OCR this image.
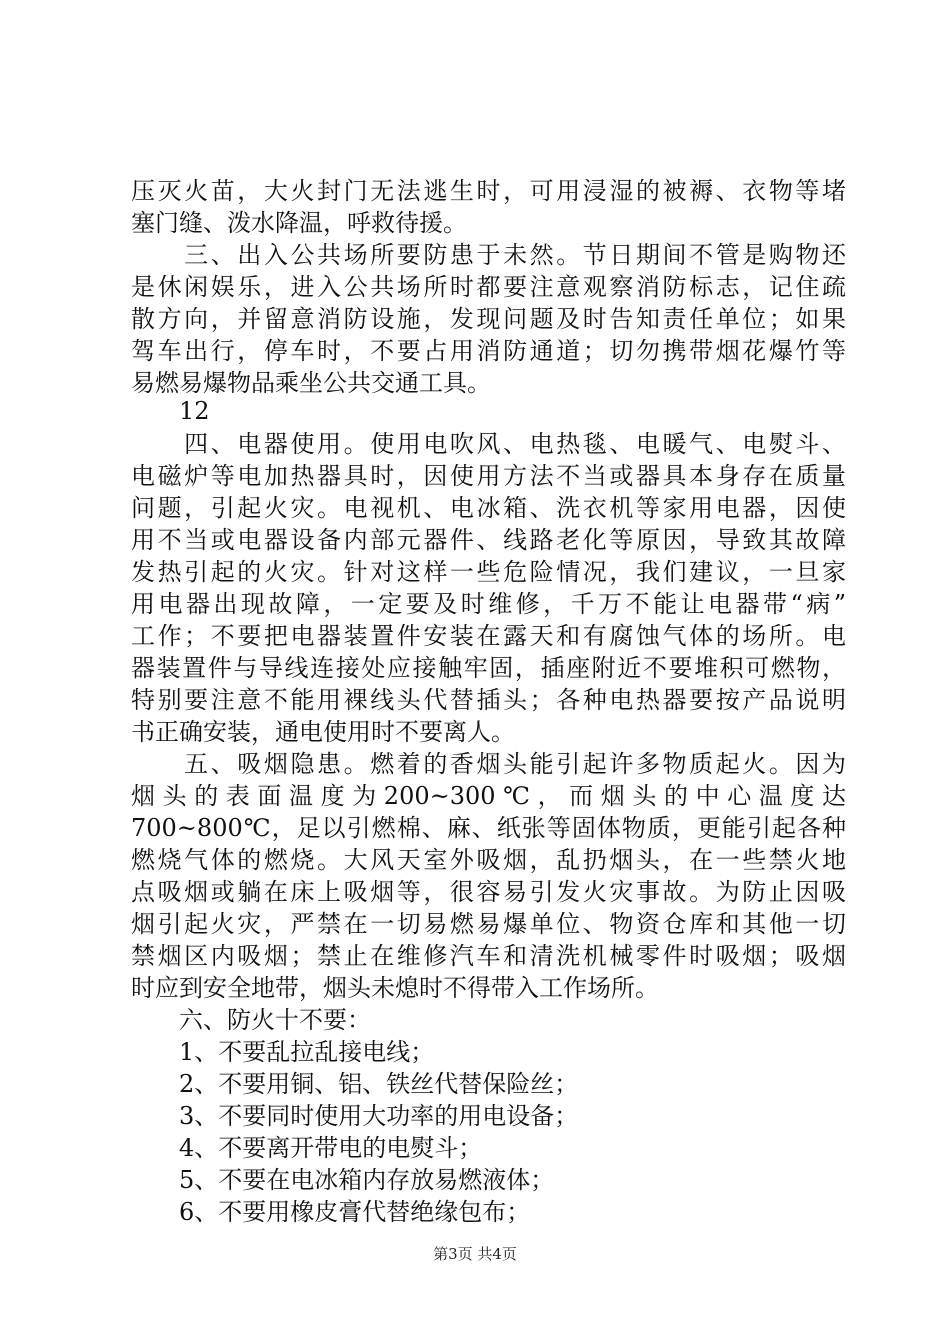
压灭火苗，大火封门无法逃生时，可用浸湿的被褥、衣物等堵
塞门缝、泼水降温，呼救待援。
　　三、出入公共场所要防患于未然。节日期间不管是购物还
是休闲娱乐，进入公共场所时都要注意观察消防标志，记住疏
散方向，并留意消防设施，发现问题及时告知责任单位；如果
驾车出行，停车时，不要占用消防通道；切勿携带烟花爆竹等
易燃易爆物品乘坐公共交通工具。
　　12
　　四、电器使用。使用电吹风、电热毯、电暖气、电熨斗、
电磁炉等电加热器具时，因使用方法不当或器具本身存在质量
问题，引起火灾。电视机、电冰箱、洗衣机等家用电器，因使
用不当或电器设备内部元器件、线路老化等原因，导致其故障
发热引起的火灾。针对这样一些危险情况，我们建议，一旦家
用电器出现故障，一定要及时维修，千万不能让电器带“病”
工作；不要把电器装置件安装在露天和有腐蚀气体的场所。电
器装置件与导线连接处应接触牢固，插座附近不要堆积可燃物，
特别要注意不能用裸线头代替插头；各种电热器要按产品说明
书正确安装，通电使用时不要离人。
　　五、吸烟隐患。燃着的香烟头能引起许多物质起火。因为
烟头的表面温度为200~300℃，而烟头的中心温度达
700~800℃，足以引燃棉、麻、纸张等固体物质，更能引起各种
燃烧气体的燃烧。大风天室外吸烟，乱扔烟头，在一些禁火地
点吸烟或躺在床上吸烟等，很容易引发火灾事故。为防止因吸
烟引起火灾，严禁在一切易燃易爆单位、物资仓库和其他一切
禁烟区内吸烟；禁止在维修汽车和清洗机械零件时吸烟；吸烟
时应到安全地带，烟头未熄时不得带入工作场所。
　　六、防火十不要：
　　1、不要乱拉乱接电线；
　　2、不要用铜、铝、铁丝代替保险丝；
　　3、不要同时使用大功率的用电设备；
　　4、不要离开带电的电熨斗；
　　5、不要在电冰箱内存放易燃液体；
　　6、不要用橡皮膏代替绝缘包布；
第3页 共4页
